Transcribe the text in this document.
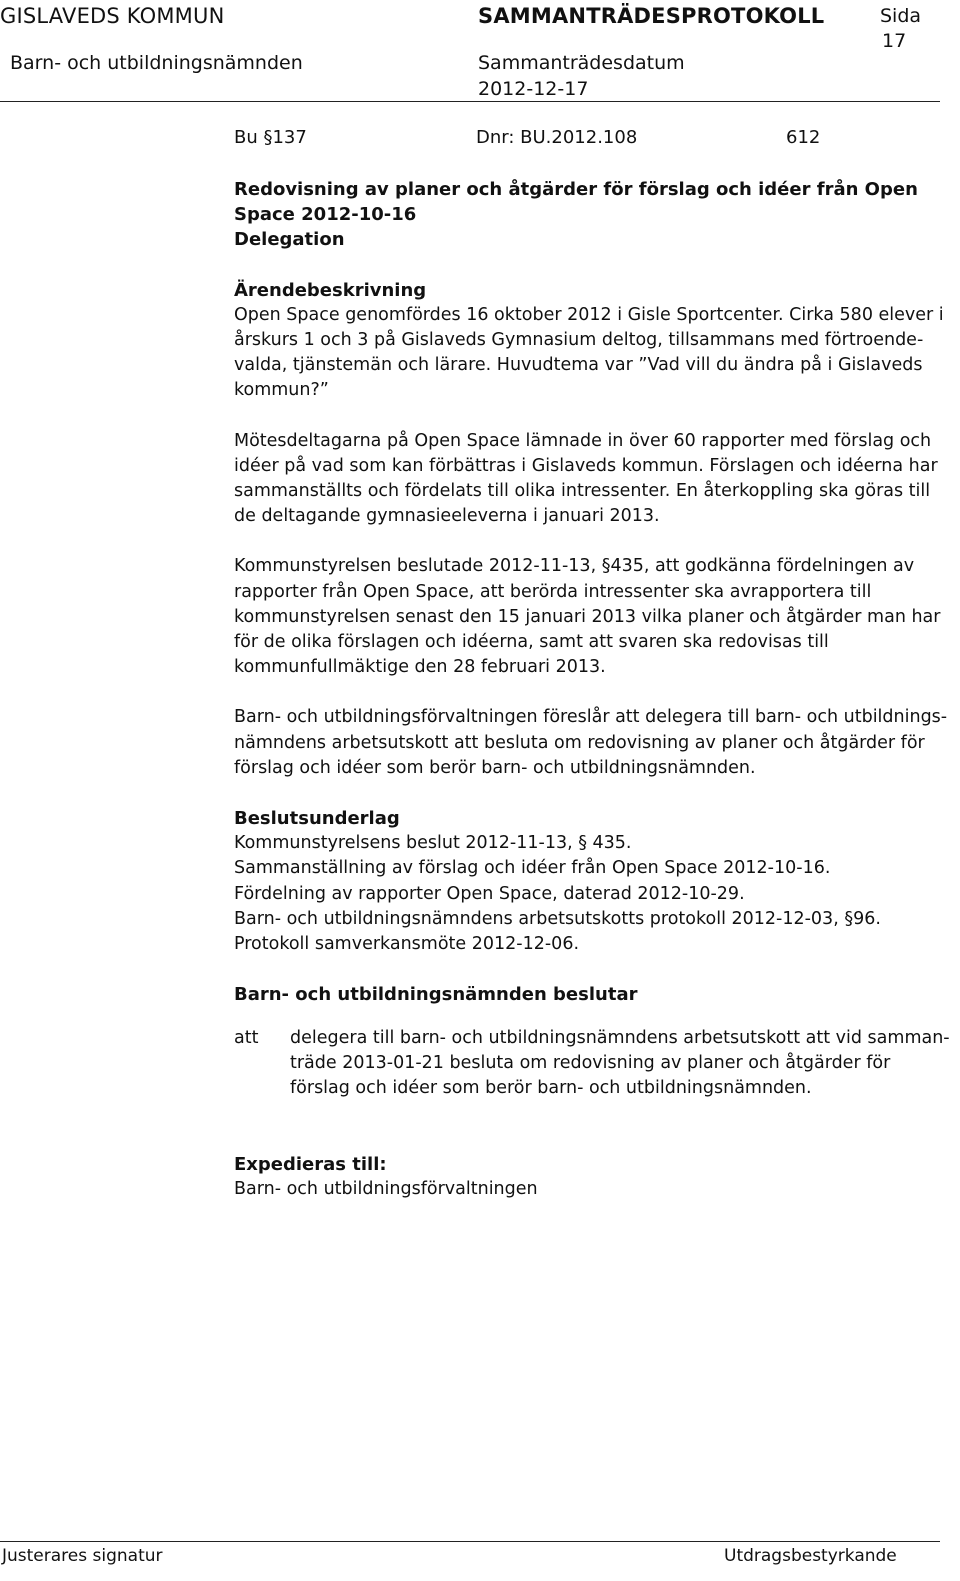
GISLAVEDS KOMMUN	SAMMANTRÄDESPROTOKOLL	Sida
Barn- och utbildningsnämnden	Sammanträdesdatum
17
2012-12-17
Bu §137	Dnr: BU.2012.108	612
Redovisning av planer och åtgärder för förslag och idéer från Open
Space 2012-10-16
Delegation
Ärendebeskrivning

Open Space genomfördes 16 oktober 2012 i Gisle Sportcenter. Cirka 580 elever i årskurs 1 och 3 på Gislaveds Gymnasium deltog, tillsammans med förtroende-valda, tjänstemän och lärare. Huvudtema var ”Vad vill du ändra på i Gislaveds kommun?”

Mötesdeltagarna på Open Space lämnade in över 60 rapporter med förslag och idéer på vad som kan förbättras i Gislaveds kommun. Förslagen och idéerna har sammanställts och fördelats till olika intressenter. En återkoppling ska göras till de deltagande gymnasieeleverna i januari 2013.

Kommunstyrelsen beslutade 2012-11-13, §435, att godkänna fördelningen av rapporter från Open Space, att berörda intressenter ska avrapportera till kommunstyrelsen senast den 15 januari 2013 vilka planer och åtgärder man har för de olika förslagen och idéerna, samt att svaren ska redovisas till kommunfullmäktige den 28 februari 2013.

Barn- och utbildningsförvaltningen föreslår att delegera till barn- och utbildnings-nämndens arbetsutskott att besluta om redovisning av planer och åtgärder för förslag och idéer som berör barn- och utbildningsnämnden.

Beslutsunderlag
Kommunstyrelsens beslut 2012-11-13, § 435.
Sammanställning av förslag och idéer från Open Space 2012-10-16.
Fördelning av rapporter Open Space, daterad 2012-10-29.
Barn- och utbildningsnämndens arbetsutskotts protokoll 2012-12-03, §96.
Protokoll samverkansmöte 2012-12-06.
Barn- och utbildningsnämnden beslutar
att delegera till barn- och utbildningsnämndens arbetsutskott att vid samman-träde 2013-01-21 besluta om redovisning av planer och åtgärder för förslag och idéer som berör barn- och utbildningsnämnden.
Expedieras till:
Barn- och utbildningsförvaltningen
Justerares signatur	Utdragsbestyrkande
